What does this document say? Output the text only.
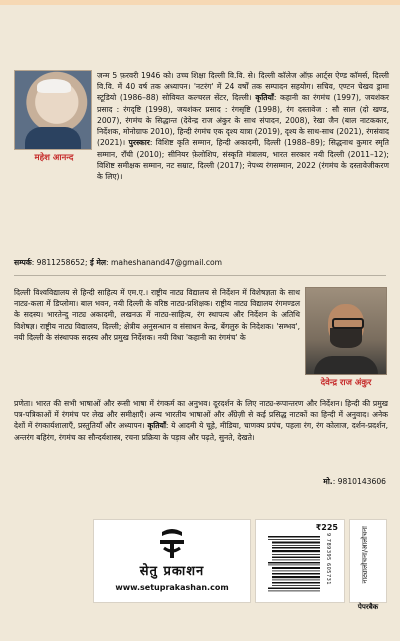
महेश आनन्द
जन्म 5 फ़रवरी 1946 को। उच्च शिक्षा दिल्ली वि.वि. से। दिल्ली कॉलेज ऑफ़ आर्ट्स ऐण्ड कॉमर्स, दिल्ली वि.वि. में 40 वर्ष तक अध्यापन। 'नटरंग' में 24 वर्षों तक सम्पादन सहयोग। सचिव, एण्टन चेखव ड्रामा स्टूडियो (1986–88) सोवियत कल्चरल सेंटर, दिल्ली। कृतियाँ: कहानी का रंगमंच (1997), जयशंकर प्रसाद : रंगदृष्टि (1998), जयशंकर प्रसाद : रंगसृष्टि (1998), रंग दस्तावेज : सौ साल (दो खण्ड, 2007), रंगमंच के सिद्धान्त (देवेन्द्र राज अंकुर के साथ संपादन, 2008), रेखा जैन (बाल नाटककार, निर्देशक, मोनोग्राफ 2010), हिन्दी रंगमंच एक दृश्य यात्रा (2019), दृश्य के साथ-साथ (2021), रंगसंवाद (2021)। पुरस्कार: विशिष्ट कृति सम्मान, हिन्दी अकादमी, दिल्ली (1988–89); सिद्धनाथ कुमार स्मृति सम्मान, राँची (2010); सीनियर फ़ेलोशिप, संस्कृति मंत्रालय, भारत सरकार नयी दिल्ली (2011–12); विशिष्ट समीक्षक सम्मान, नट सम्राट, दिल्ली (2017); नेपथ्य रंगसम्मान, 2022 (रंगमंच के दस्तावेजीकरण के लिए)।
सम्पर्क: 9811258652; ई मेल: maheshanand47@gmail.com
देवेन्द्र राज अंकुर
दिल्ली विश्वविद्यालय से हिन्दी साहित्य में एम.ए.। राष्ट्रीय नाट्य विद्यालय से निर्देशन में विशेषज्ञता के साथ नाट्य-कला में डिप्लोमा। बाल भवन, नयी दिल्ली के वरिष्ठ नाट्य-प्रशिक्षक। राष्ट्रीय नाट्य विद्यालय रंगमण्डल के सदस्य। भारतेन्दु नाट्य अकादमी, लखनऊ में नाट्य-साहित्य, रंग स्थापत्य और निर्देशन के अतिथि विशेषज्ञ। राष्ट्रीय नाट्य विद्यालय, दिल्ली; क्षेत्रीय अनुसन्धान व संसाधन केन्द्र, बेंगलुरु के निदेशक। 'सम्भव', नयी दिल्ली के संस्थापक सदस्य और प्रमुख निर्देशक। नयी विधा 'कहानी का रंगमंच' के
प्रणेता। भारत की सभी भाषाओं और रूसी भाषा में रंगकर्म का अनुभव। दूरदर्शन के लिए नाट्य-रूपान्तरण और निर्देशन। हिन्दी की प्रमुख पत्र-पत्रिकाओं में रंगमंच पर लेख और समीक्षाएँ। अन्य भारतीय भाषाओं और अँग्रेज़ी से कई प्रसिद्ध नाटकों का हिन्दी में अनुवाद। अनेक देशों में रंगकार्यशालाएँ, प्रस्तुतियाँ और अध्यापन। कृतियाँ: ये आदमी ये चूहे, मीडिया, चाणक्य प्रपंच, पहला रंग, रंग कोलाज, दर्शन-प्रदर्शन, अन्तरंग बहिरंग, रंगमंच का सौन्दर्यशास्त्र, रचना प्रक्रिया के पड़ाव और पढ़ते, सुनते, देखते।
मो.: 9810143606
सेतु प्रकाशन
www.setuprakashan.com
₹225
9 789395 605731	नाट्यालोचना/आलोचना
पेपरबैक
